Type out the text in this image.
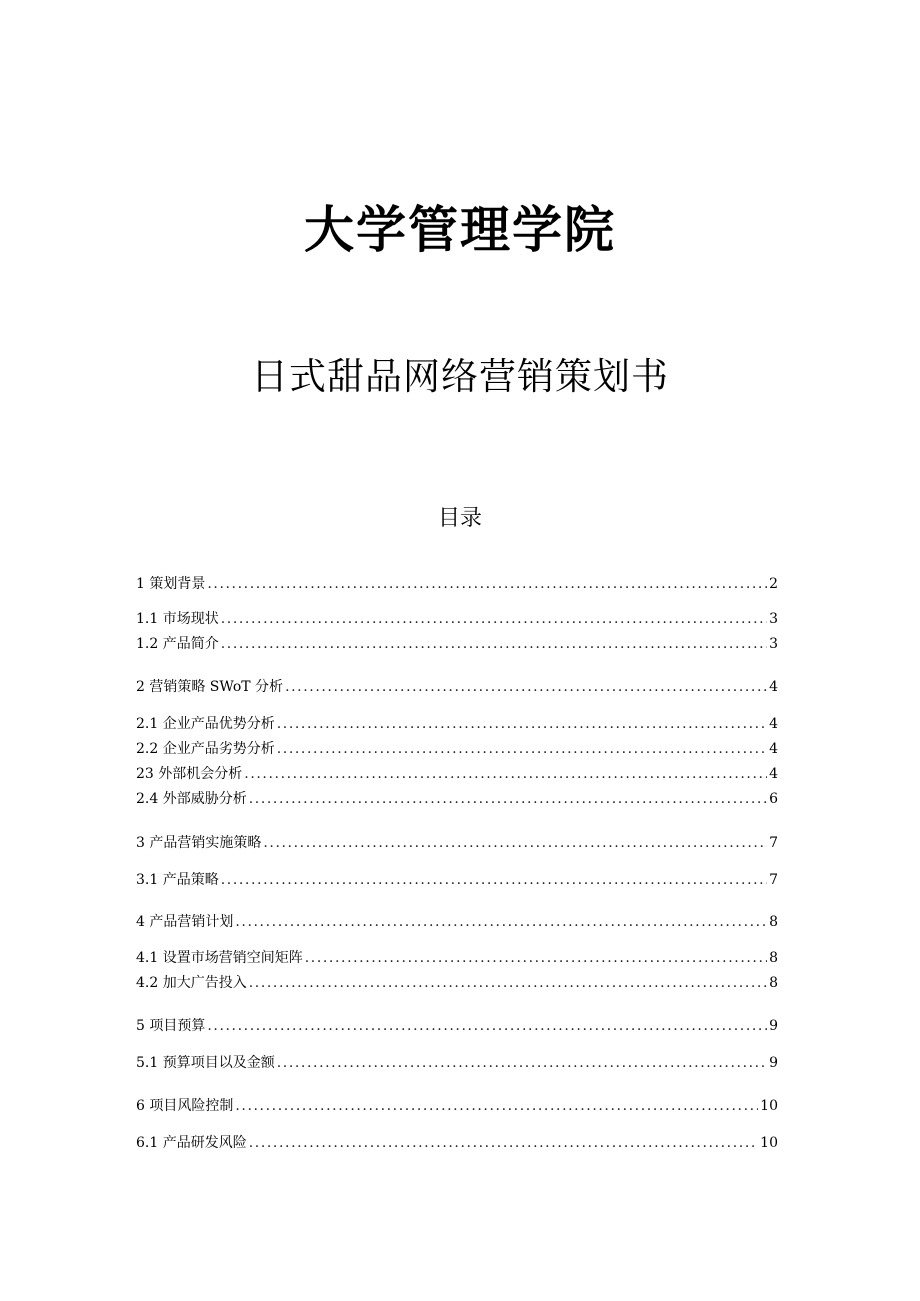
大学管理学院
日式甜品网络营销策划书
目录
1 策划背景 .....	2
1.1 市场现状 .....	3
1.2 产品简介 .....	3
2 营销策略 SWoT 分析 .....	4
2.1 企业产品优势分析 .....	4
2.2 企业产品劣势分析 .....	4
23 外部机会分析 .....	4
2.4 外部威胁分析 .....	6
3 产品营销实施策略 .....	7
3.1 产品策略 .....	7
4 产品营销计划 .....	8
4.1 设置市场营销空间矩阵 .....	8
4.2 加大广告投入 .....	8
5 项目预算 .....	9
5.1 预算项目以及金额 .....	9
6 项目风险控制 .....	10
6.1 产品研发风险 .....	10
